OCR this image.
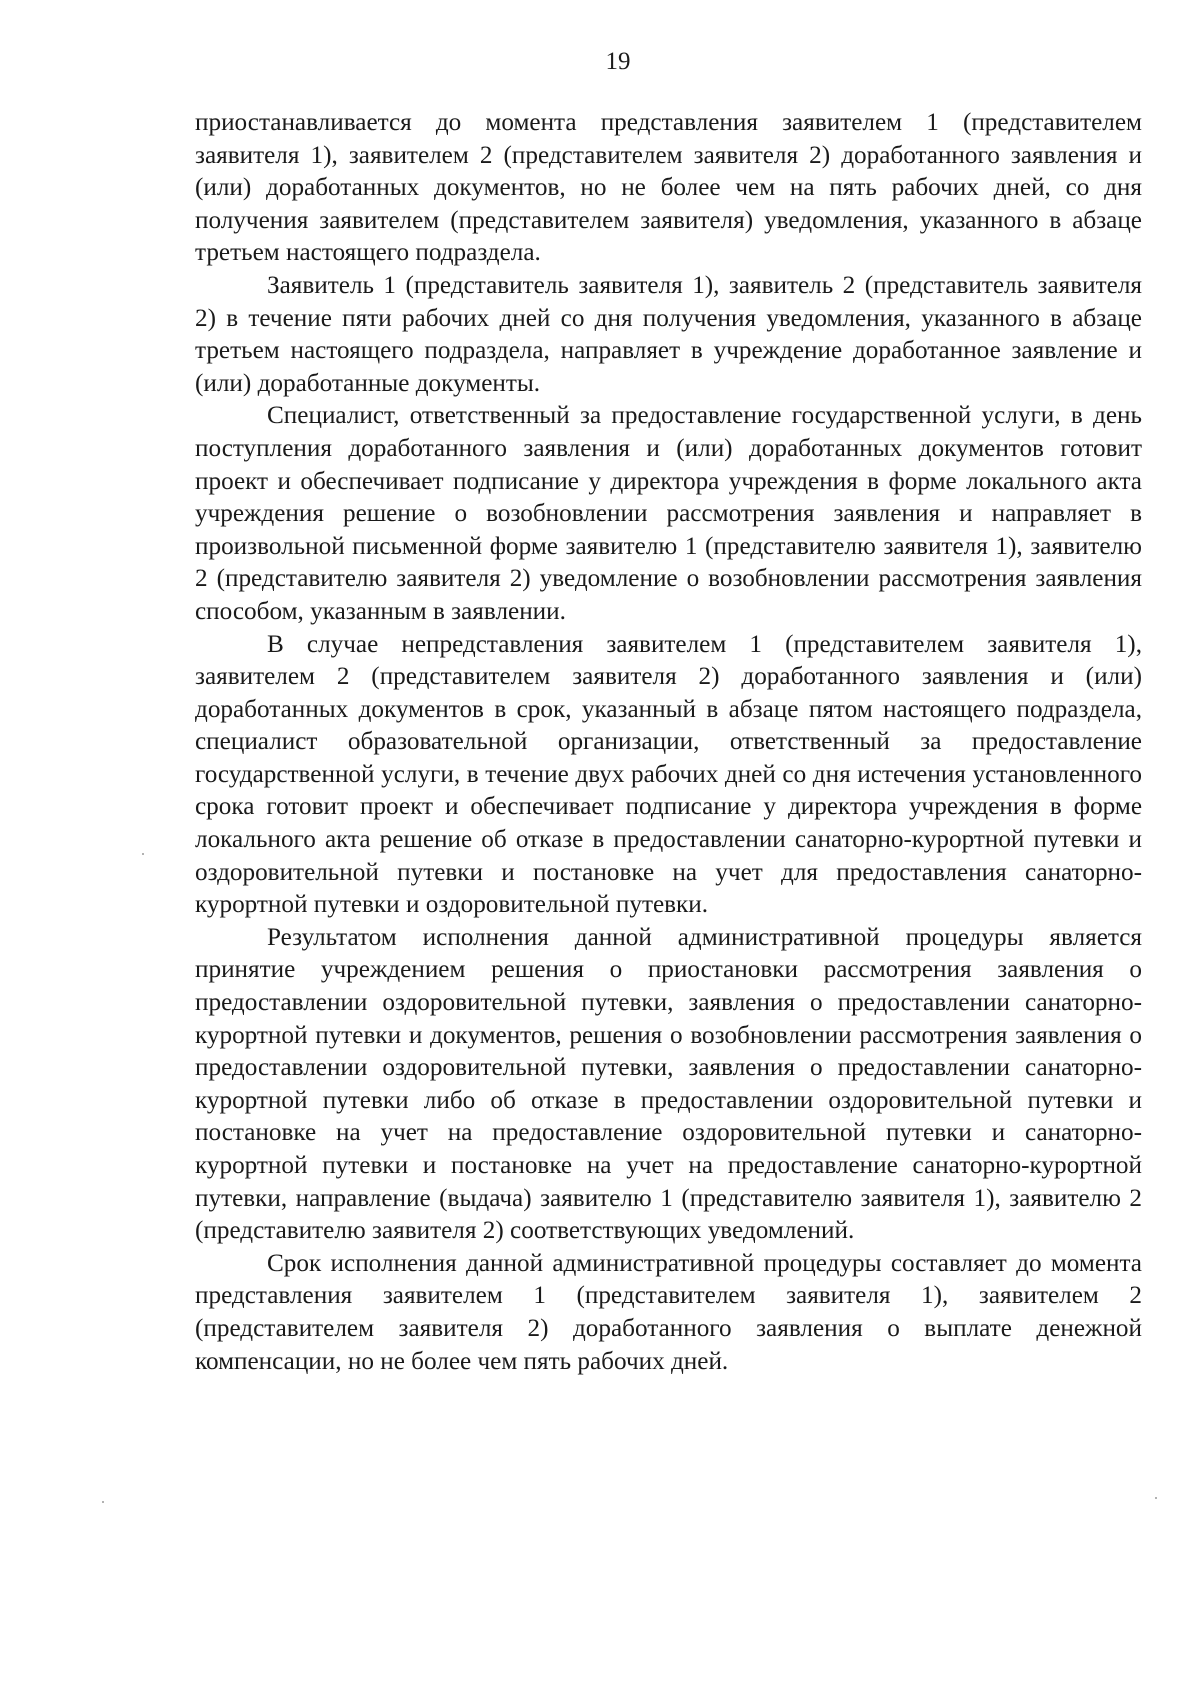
19

приостанавливается до момента представления заявителем 1 (представителем заявителя 1), заявителем 2 (представителем заявителя 2) доработанного заявления и (или) доработанных документов, но не более чем на пять рабочих дней, со дня получения заявителем (представителем заявителя) уведомления, указанного в абзаце третьем настоящего подраздела.

Заявитель 1 (представитель заявителя 1), заявитель 2 (представитель заявителя 2) в течение пяти рабочих дней со дня получения уведомления, указанного в абзаце третьем настоящего подраздела, направляет в учреждение доработанное заявление и (или) доработанные документы.

Специалист, ответственный за предоставление государственной услуги, в день поступления доработанного заявления и (или) доработанных документов готовит проект и обеспечивает подписание у директора учреждения в форме локального акта учреждения решение о возобновлении рассмотрения заявления и направляет в произвольной письменной форме заявителю 1 (представителю заявителя 1), заявителю 2 (представителю заявителя 2) уведомление о возобновлении рассмотрения заявления способом, указанным в заявлении.

В случае непредставления заявителем 1 (представителем заявителя 1), заявителем 2 (представителем заявителя 2) доработанного заявления и (или) доработанных документов в срок, указанный в абзаце пятом настоящего подраздела, специалист образовательной организации, ответственный за предоставление государственной услуги, в течение двух рабочих дней со дня истечения установленного срока готовит проект и обеспечивает подписание у директора учреждения в форме локального акта решение об отказе в предоставлении санаторно-курортной путевки и оздоровительной путевки и постановке на учет для предоставления санаторно-курортной путевки и оздоровительной путевки.

Результатом исполнения данной административной процедуры является принятие учреждением решения о приостановки рассмотрения заявления о предоставлении оздоровительной путевки, заявления о предоставлении санаторно-курортной путевки и документов, решения о возобновлении рассмотрения заявления о предоставлении оздоровительной путевки, заявления о предоставлении санаторно-курортной путевки либо об отказе в предоставлении оздоровительной путевки и постановке на учет на предоставление оздоровительной путевки и санаторно-курортной путевки и постановке на учет на предоставление санаторно-курортной путевки, направление (выдача) заявителю 1 (представителю заявителя 1), заявителю 2 (представителю заявителя 2) соответствующих уведомлений.

Срок исполнения данной административной процедуры составляет до момента представления заявителем 1 (представителем заявителя 1), заявителем 2 (представителем заявителя 2) доработанного заявления о выплате денежной компенсации, но не более чем пять рабочих дней.
